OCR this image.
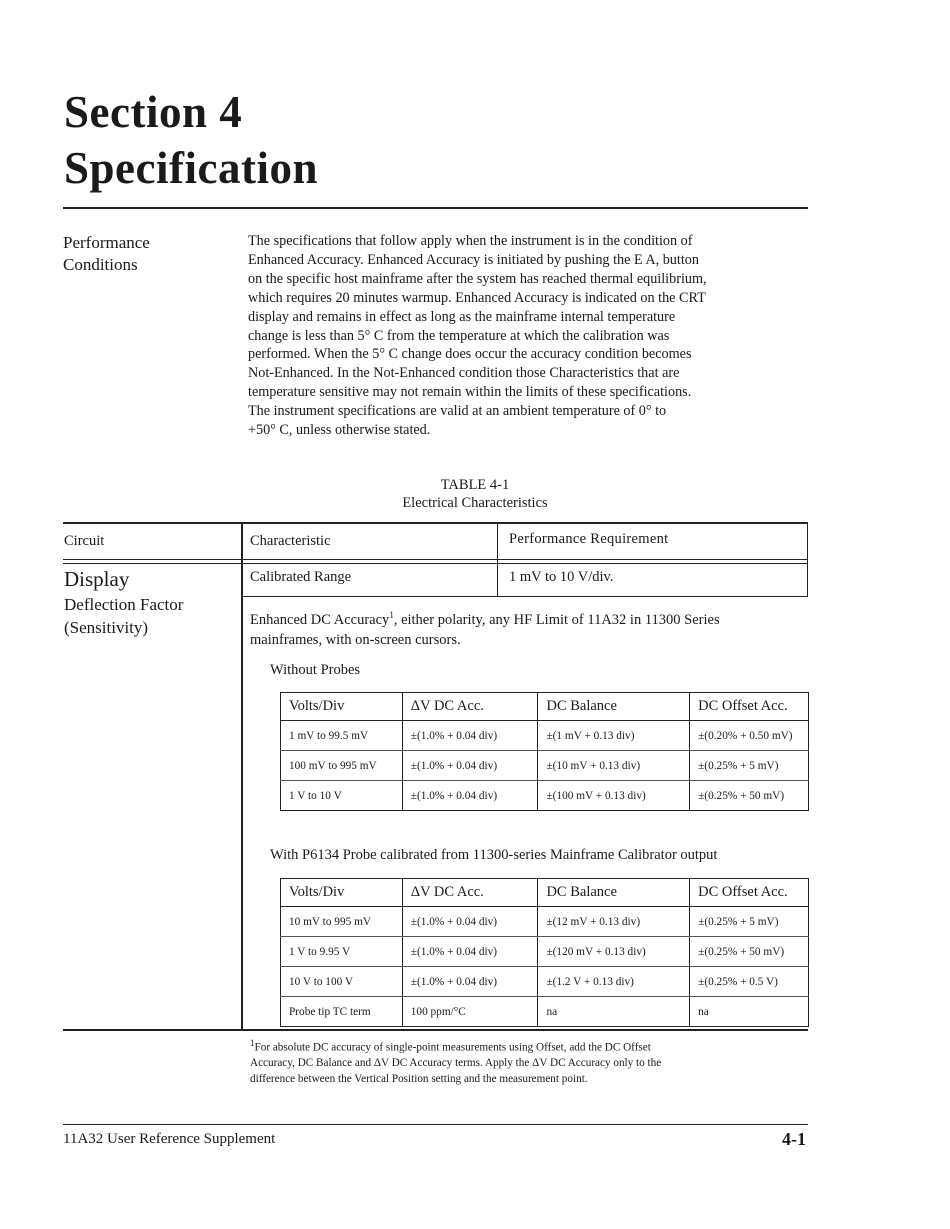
Section 4
Specification
Performance
Conditions

The specifications that follow apply when the instrument is in the condition of

Enhanced Accuracy. Enhanced Accuracy is initiated by pushing the E A, button

on the specific host mainframe after the system has reached thermal equilibrium,

which requires 20 minutes warmup. Enhanced Accuracy is indicated on the CRT

display and remains in effect as long as the mainframe internal temperature

change is less than 5° C from the temperature at which the calibration was

performed. When the 5° C change does occur the accuracy condition becomes

Not-Enhanced. In the Not-Enhanced condition those Characteristics that are

temperature sensitive may not remain within the limits of these specifications.

The instrument specifications are valid at an ambient temperature of 0° to

+50° C, unless otherwise stated.

TABLE 4-1
Electrical Characteristics
Circuit	Characteristic	Performance Requirement
Display
Deflection Factor
(Sensitivity)
Calibrated Range	1 mV to 10 V/div.
Enhanced DC Accuracy$^1$, either polarity, any HF Limit of 11A32 in 11300 Series
mainframes, with on-screen cursors.
Without Probes
Volts/Div	ΔV DC Acc.	DC Balance	DC Offset Acc.
1 mV to 99.5 mV	±(1.0% + 0.04 div)	±(1 mV + 0.13 div)	±(0.20% + 0.50 mV)
100 mV to 995 mV	±(1.0% + 0.04 div)	±(10 mV + 0.13 div)	±(0.25% + 5 mV)
1 V to 10 V	±(1.0% + 0.04 div)	±(100 mV + 0.13 div)	±(0.25% + 50 mV)
With P6134 Probe calibrated from 11300-series Mainframe Calibrator output
Volts/Div	ΔV DC Acc.	DC Balance	DC Offset Acc.
10 mV to 995 mV	±(1.0% + 0.04 div)	±(12 mV + 0.13 div)	±(0.25% + 5 mV)
1 V to 9.95 V	±(1.0% + 0.04 div)	±(120 mV + 0.13 div)	±(0.25% + 50 mV)
10 V to 100 V	±(1.0% + 0.04 div)	±(1.2 V + 0.13 div)	±(0.25% + 0.5 V)
Probe tip TC term	100 ppm/°C	na	na
$^1$For absolute DC accuracy of single-point measurements using Offset, add the DC Offset
Accuracy, DC Balance and ΔV DC Accuracy terms. Apply the ΔV DC Accuracy only to the
difference between the Vertical Position setting and the measurement point.
11A32 User Reference Supplement	4-1
